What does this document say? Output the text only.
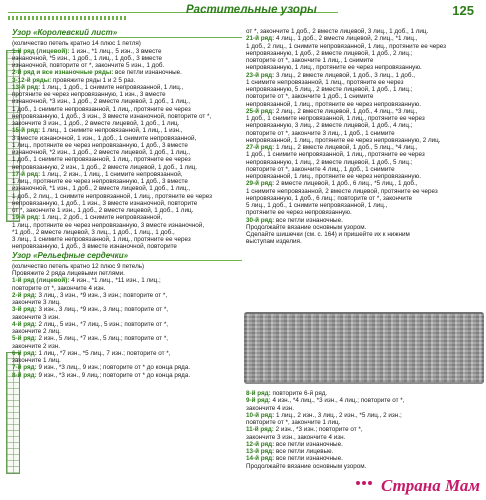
Растительные узоры	125
Узор «Королевский лист»
(количество петель кратно 14 плюс 1 петля)
1-й ряд (лицевой): 1 изн., *1 лиц., 5 изн., 3 вместе
изнаночной, *5 изн., 1 доб., 1 лиц., 1 доб., 3 вместе
изнаночной, повторите от *, закончите 5 изн., 1 доб.
2-й ряд и все изнаночные ряды: все петли изнаночные.
3-12-й ряды: провяжите ряды 1 и 2 5 раз.
13-й ряд: 1 лиц., 1 доб., 1 снимите непровязанной, 1 лиц.,
протяните ее через непровязанную, 1 изн., 3 вместе
изнаночной, *3 изн., 1 доб., 2 вместе лицевой, 1 доб., 1 лиц.,
1 доб., 1 снимите непровязанной, 1 лиц., протяните ее через
непровязанную, 1 доб., 3 изн., 3 вместе изнаночной, повторите от *,
закончите 3 изн., 1 доб., 2 вместе лицевой, 1 доб., 1 лиц.
15-й ряд: 1 лиц., 1 снимите непровязанной, 1 лиц., 1 изн.,
3 вместе изнаночной, 1 изн., 1 доб., 1 снимите непровязанной,
1 лиц., протяните ее через непровязанную, 1 доб., 3 вместе
изнаночной, *2 изн., 1 доб., 2 вместе лицевой, 1 доб., 1 лиц.,
1 доб., 1 снимите непровязанной, 1 лиц., протяните ее через
непровязанную, 2 изн., 1 доб., 2 вместе лицевой, 1 доб., 1 лиц.
17-й ряд: 1 лиц., 2 изн., 1 лиц., 1 снимите непровязанной,
1 лиц., протяните ее через непровязанную, 1 доб., 3 вместе
изнаночной, *1 изн., 1 доб., 2 вместе лицевой, 1 доб., 1 лиц.,
1 доб., 2 лиц., 1 снимите непровязанной, 1 лиц., протяните ее через
непровязанную, 1 доб., 1 изн., 3 вместе изнаночной, повторите
от *, закончите 1 изн., 1 доб., 2 вместе лицевой, 1 доб., 1 лиц.
19-й ряд: 1 лиц., 2 доб., 1 снимите непровязанной,
1 лиц., протяните ее через непровязанную, 3 вместе изнаночной,
*1 доб., 2 вместе лицевой, 3 лиц., 1 доб., 1 лиц., 1 доб.,
3 лиц., 1 снимите непровязанной, 1 лиц., протяните ее через
непровязанную, 1 доб., 3 вместе изнаночной, повторите
Узор «Рельефные сердечки»
(количество петель кратно 12 плюс 9 петель)
Провяжите 2 ряда лицевыми петлями.
1-й ряд (лицевой): 4 изн., *1 лиц., *11 изн., 1 лиц.;
повторите от *, закончите 4 изн.
2-й ряд: 3 лиц., 3 изн., *9 изн., 3 изн.; повторите от *,
закончите 3 лиц.
3-й ряд: 3 изн., 3 лиц., *9 изн., 3 лиц.; повторите от *,
закончите 3 изн.
4-й ряд: 2 лиц., 5 изн., *7 лиц., 5 изн.; повторите от *,
закончите 2 лиц.
5-й ряд: 2 изн., 5 лиц., *7 изн., 5 лиц.; повторите от *,
закончите 2 изн.
6-й ряд: 1 лиц., *7 изн., *5 лиц., 7 изн.; повторите от *,
закончите 1 лиц.
7-й ряд: 9 изн., *3 лиц., 9 изн.; повторите от * до конца ряда.
8-й ряд: 9 изн., *3 изн., 9 лиц.; повторите от * до конца ряда.
от *, закончите 1 доб., 2 вместе лицевой, 3 лиц., 1 доб., 1 лиц.
21-й ряд: 4 лиц., 1 доб., 2 вместе лицевой, 2 лиц., *1 лиц.,
1 доб., 2 лиц., 1 снимите непровязанной, 1 лиц., протяните ее через
непровязанную, 1 доб., 2 вместе лицевой, 1 доб., 2 лиц.;
повторите от *, закончите 1 лиц., 1 снимите
непровязанную, 1 лиц., протяните ее через непровязанную.
23-й ряд: 3 лиц., 2 вместе лицевой, 1 доб., 3 лиц., 1 доб.,
1 снимите непровязанной, 1 лиц., протяните ее через
непровязанную, 5 лиц., 2 вместе лицевой, 1 доб., 1 лиц.;
повторите от *, закончите 1 доб., 1 снимите
непровязанной, 1 лиц., протяните ее через непровязанную.
25-й ряд: 2 лиц., 2 вместе лицевой, 1 доб., 4 лиц., *3 лиц.,
1 доб., 1 снимите непровязанной, 1 лиц., протяните ее через
непровязанную, 3 лиц., 2 вместе лицевой, 1 доб., 4 лиц.;
повторите от *, закончите 3 лиц., 1 доб., 1 снимите
непровязанной, 1 лиц., протяните ее через непровязанную, 2 лиц.
27-й ряд: 1 лиц., 2 вместе лицевой, 1 доб., 5 лиц., *4 лиц.,
1 доб., 1 снимите непровязанной, 1 лиц., протяните ее через
непровязанную, 1 лиц., 2 вместе лицевой, 1 доб., 5 лиц.;
повторите от *, закончите 4 лиц., 1 доб., 1 снимите
непровязанной, 1 лиц., протяните ее через непровязанную.
29-й ряд: 2 вместе лицевой, 1 доб., 6 лиц., *5 лиц., 1 доб.,
1 снимите непровязанной, 2 вместе лицевой, протяните ее через
непровязанную, 1 доб., 6 лиц.; повторите от *, закончите
5 лиц., 1 доб., 1 снимите непровязанной, 1 лиц.,
протяните ее через непровязанную.
30-й ряд: все петли изнаночные.
Продолжайте вязание основным узором.
Сделайте шишечки (см. с. 164) и пришейте их к нижним
выступам изделия.
8-й ряд: повторите 6-й ряд.
9-й ряд: 4 изн., *4 лиц., *3 изн., 4 лиц.; повторите от *,
закончите 4 изн.
10-й ряд: 1 лиц., 2 изн., 3 лиц., 2 изн., *5 лиц., 2 изн.;
повторите от *, закончите 1 лиц.
11-й ряд: 2 изн., *3 изн.; повторите от *,
закончите 3 изн., закончите 4 изн.
12-й ряд: все петли изнаночные.
13-й ряд: все петли лицевые.
14-й ряд: все петли изнаночные.
Продолжайте вязание основным узором.
Страна Мам
